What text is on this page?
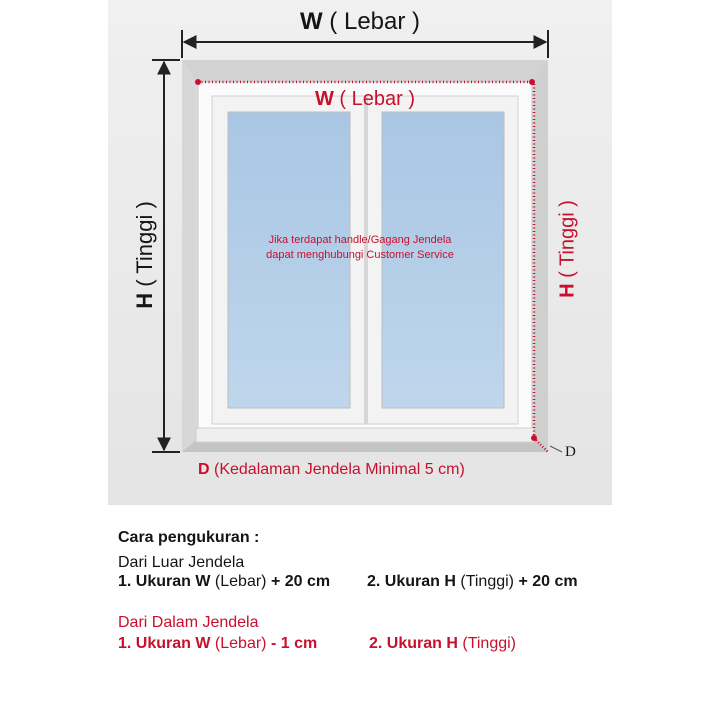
W ( Lebar )
H ( Tinggi )
W ( Lebar )
H ( Tinggi )
Jika terdapat handle/Gagang Jendela
dapat menghubungi Customer Service
D
D (Kedalaman Jendela Minimal 5 cm)
Cara pengukuran :
Dari Luar Jendela
1. Ukuran W (Lebar) + 20 cm 2. Ukuran H (Tinggi) + 20 cm
Dari Dalam Jendela
1. Ukuran W (Lebar) - 1 cm	2. Ukuran H (Tinggi)
